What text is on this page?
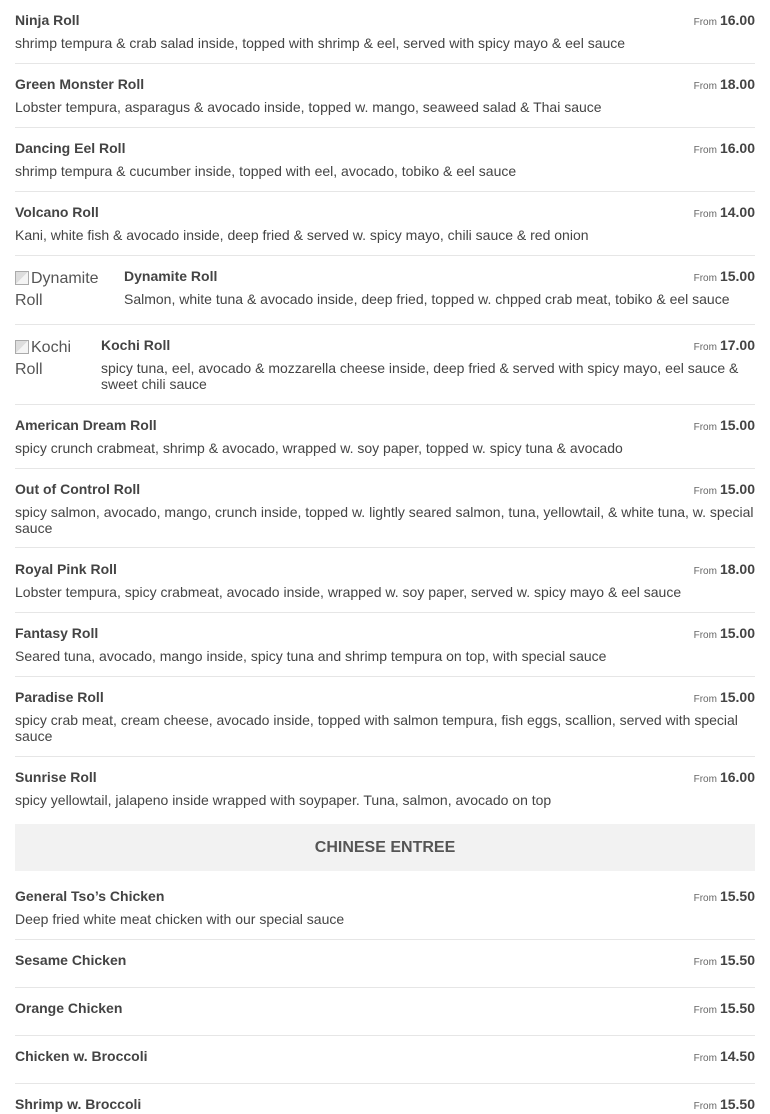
Ninja Roll	From 16.00
shrimp tempura & crab salad inside, topped with shrimp & eel, served with spicy mayo & eel sauce
Green Monster Roll	From 18.00
Lobster tempura, asparagus & avocado inside, topped w. mango, seaweed salad & Thai sauce
Dancing Eel Roll	From 16.00
shrimp tempura & cucumber inside, topped with eel, avocado, tobiko & eel sauce
Volcano Roll	From 14.00
Kani, white fish & avocado inside, deep fried & served w. spicy mayo, chili sauce & red onion
Dynamite Roll
Dynamite Roll	From 15.00
Salmon, white tuna & avocado inside, deep fried, topped w. chpped crab meat, tobiko & eel sauce
Kochi Roll
Kochi Roll	From 17.00
spicy tuna, eel, avocado & mozzarella cheese inside, deep fried & served with spicy mayo, eel sauce & sweet chili sauce
American Dream Roll	From 15.00
spicy crunch crabmeat, shrimp & avocado, wrapped w. soy paper, topped w. spicy tuna & avocado
Out of Control Roll	From 15.00
spicy salmon, avocado, mango, crunch inside, topped w. lightly seared salmon, tuna, yellowtail, & white tuna, w. special sauce
Royal Pink Roll	From 18.00
Lobster tempura, spicy crabmeat, avocado inside, wrapped w. soy paper, served w. spicy mayo & eel sauce
Fantasy Roll	From 15.00
Seared tuna, avocado, mango inside, spicy tuna and shrimp tempura on top, with special sauce
Paradise Roll	From 15.00
spicy crab meat, cream cheese, avocado inside, topped with salmon tempura, fish eggs, scallion, served with special sauce
Sunrise Roll	From 16.00
spicy yellowtail, jalapeno inside wrapped with soypaper. Tuna, salmon, avocado on top
CHINESE ENTREE
General Tso’s Chicken	From 15.50
Deep fried white meat chicken with our special sauce
Sesame Chicken	From 15.50
Orange Chicken	From 15.50
Chicken w. Broccoli	From 14.50
Shrimp w. Broccoli	From 15.50
